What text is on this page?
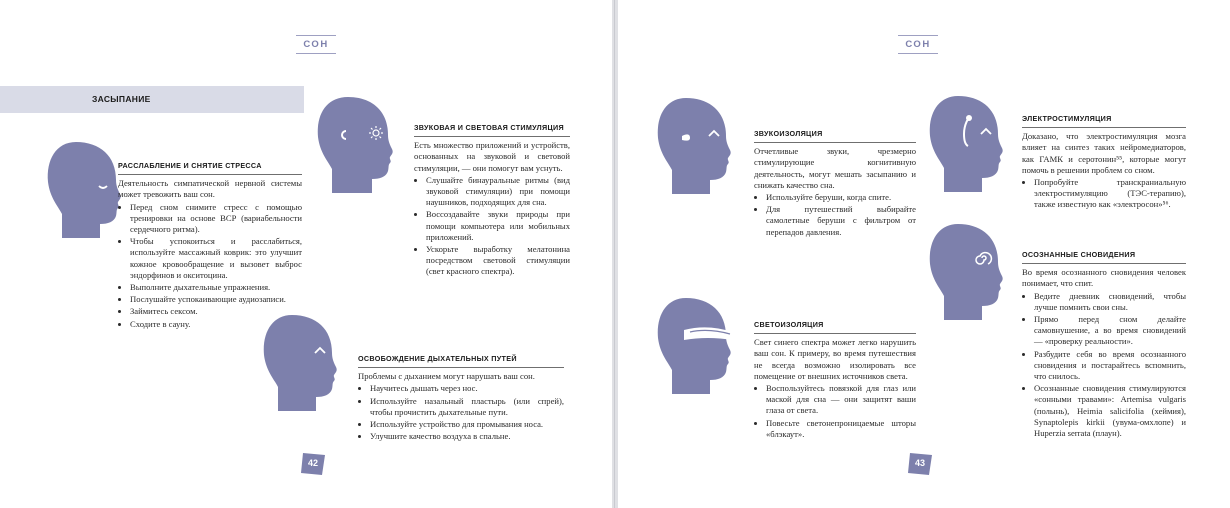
СОН
ЗАСЫПАНИЕ
РАССЛАБЛЕНИЕ И СНЯТИЕ СТРЕССА

Деятельность симпатической нервной системы может тревожить ваш сон.

• Перед сном снимите стресс с помощью тренировки на основе ВСР (вариабельности сердечного ритма).
• Чтобы успокоиться и расслабиться, используйте массажный коврик: это улучшит кожное кровообращение и вызовет выброс эндорфинов и окситоцина.
• Выполните дыхательные упражнения.
• Послушайте успокаивающие аудиозаписи.
• Займитесь сексом.
• Сходите в сауну.
ЗВУКОВАЯ И СВЕТОВАЯ СТИМУЛЯЦИЯ

Есть множество приложений и устройств, основанных на звуковой и световой стимуляции, — они помогут вам уснуть.

• Слушайте бинауральные ритмы (вид звуковой стимуляции) при помощи наушников, подходящих для сна.
• Воссоздавайте звуки природы при помощи компьютера или мобильных приложений.
• Ускорьте выработку мелатонина посредством световой стимуляции (свет красного спектра).
ОСВОБОЖДЕНИЕ ДЫХАТЕЛЬНЫХ ПУТЕЙ

Проблемы с дыханием могут нарушать ваш сон.

• Научитесь дышать через нос.
• Используйте назальный пластырь (или спрей), чтобы прочистить дыхательные пути.
• Используйте устройство для промывания носа.
• Улучшите качество воздуха в спальне.
42
СОН
ЗВУКОИЗОЛЯЦИЯ

Отчетливые звуки, чрезмерно стимулирующие когнитивную деятельность, могут мешать засыпанию и снижать качество сна.

• Используйте беруши, когда спите.
• Для путешествий выбирайте самолетные беруши с фильтром от перепадов давления.
СВЕТОИЗОЛЯЦИЯ

Свет синего спектра может легко нарушить ваш сон. К примеру, во время путешествия не всегда возможно изолировать все помещение от внешних источников света.

• Воспользуйтесь повязкой для глаз или маской для сна — они защитят ваши глаза от света.
• Повесьте светонепроницаемые шторы «блэкаут».
ЭЛЕКТРОСТИМУЛЯЦИЯ

Доказано, что электростимуляция мозга влияет на синтез таких нейромедиаторов, как ГАМК и серотонин⁵⁵, которые могут помочь в решении проблем со сном.

• Попробуйте транскраниальную электростимуляцию (ТЭС-терапию), также известную как «электросон»⁵⁶.
ОСОЗНАННЫЕ СНОВИДЕНИЯ

Во время осознанного сновидения человек понимает, что спит.

• Ведите дневник сновидений, чтобы лучше помнить свои сны.
• Прямо перед сном делайте самовнушение, а во время сновидений — «проверку реальности».
• Разбудите себя во время осознанного сновидения и постарайтесь вспомнить, что снилось.
• Осознанные сновидения стимулируются «сонными травами»: Artemisa vulgaris (полынь), Heimia salicifolia (хеймия), Synaptolepis kirkii (увума-омхлопе) и Huperzia serrata (плаун).
43
